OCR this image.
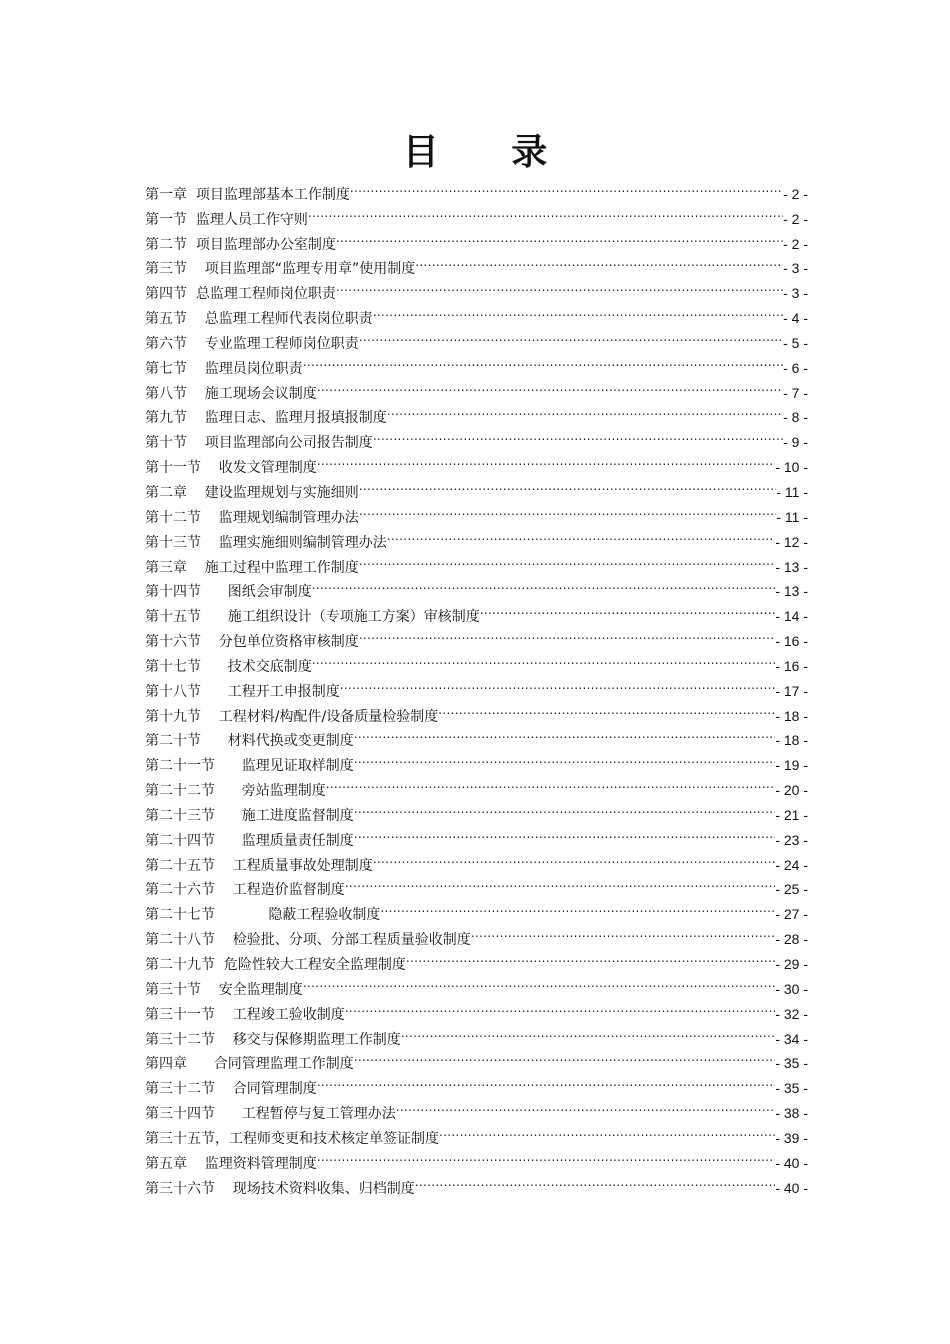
目 录
第一章  项目监理部基本工作制度 .....	- 2 -
第一节  监理人员工作守则 .....	- 2 -
第二节  项目监理部办公室制度 .....	- 2 -
第三节    项目监理部“监理专用章”使用制度 .....	- 3 -
第四节  总监理工程师岗位职责 .....	- 3 -
第五节    总监理工程师代表岗位职责 .....	- 4 -
第六节    专业监理工程师岗位职责 .....	- 5 -
第七节    监理员岗位职责 .....	- 6 -
第八节    施工现场会议制度 .....	- 7 -
第九节    监理日志、监理月报填报制度 .....	- 8 -
第十节    项目监理部向公司报告制度 .....	- 9 -
第十一节    收发文管理制度 .....	- 10 -
第二章    建设监理规划与实施细则 .....	- 11 -
第十二节    监理规划编制管理办法 .....	- 11 -
第十三节    监理实施细则编制管理办法 .....	- 12 -
第三章    施工过程中监理工作制度 .....	- 13 -
第十四节      图纸会审制度 .....	- 13 -
第十五节      施工组织设计（专项施工方案）审核制度 .....	- 14 -
第十六节    分包单位资格审核制度 .....	- 16 -
第十七节      技术交底制度 .....	- 16 -
第十八节      工程开工申报制度 .....	- 17 -
第十九节    工程材料/构配件/设备质量检验制度 .....	- 18 -
第二十节      材料代换或变更制度 .....	- 18 -
第二十一节      监理见证取样制度 .....	- 19 -
第二十二节      旁站监理制度 .....	- 20 -
第二十三节      施工进度监督制度 .....	- 21 -
第二十四节      监理质量责任制度 .....	- 23 -
第二十五节    工程质量事故处理制度 .....	- 24 -
第二十六节    工程造价监督制度 .....	- 25 -
第二十七节            隐蔽工程验收制度 .....	- 27 -
第二十八节    检验批、分项、分部工程质量验收制度 .....	- 28 -
第二十九节  危险性较大工程安全监理制度 .....	- 29 -
第三十节    安全监理制度 .....	- 30 -
第三十一节    工程竣工验收制度 .....	- 32 -
第三十二节    移交与保修期监理工作制度 .....	- 34 -
第四章      合同管理监理工作制度 .....	- 35 -
第三十二节    合同管理制度 .....	- 35 -
第三十四节      工程暂停与复工管理办法 .....	- 38 -
第三十五节，工程师变更和技术核定单签证制度 .....	- 39 -
第五章    监理资料管理制度 .....	- 40 -
第三十六节    现场技术资料收集、归档制度 .....	- 40 -
